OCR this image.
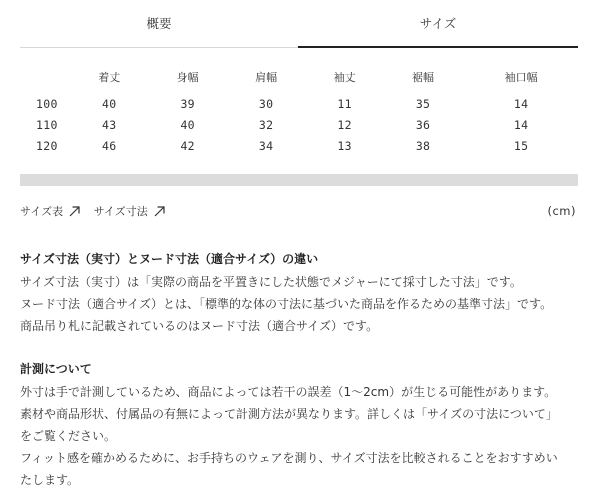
概要	サイズ
	着丈	身幅	肩幅	袖丈	裾幅	袖口幅
100	40	39	30	11	35	14
110	43	40	32	12	36	14
120	46	42	34	13	38	15
サイズ表
	サイズ寸法	(cm)
サイズ寸法（実寸）とヌード寸法（適合サイズ）の違い

サイズ寸法（実寸）は「実際の商品を平置きにした状態でメジャーにて採寸した寸法」です。

ヌード寸法（適合サイズ）とは、「標準的な体の寸法に基づいた商品を作るための基準寸法」です。

商品吊り札に記載されているのはヌード寸法（適合サイズ）です。

計測について

外寸は手で計測しているため、商品によっては若干の誤差（1〜2cm）が生じる可能性があります。

素材や商品形状、付属品の有無によって計測方法が異なります。詳しくは「サイズの寸法について」

をご覧ください。

フィット感を確かめるために、お手持ちのウェアを測り、サイズ寸法を比較されることをおすすめい

たします。
